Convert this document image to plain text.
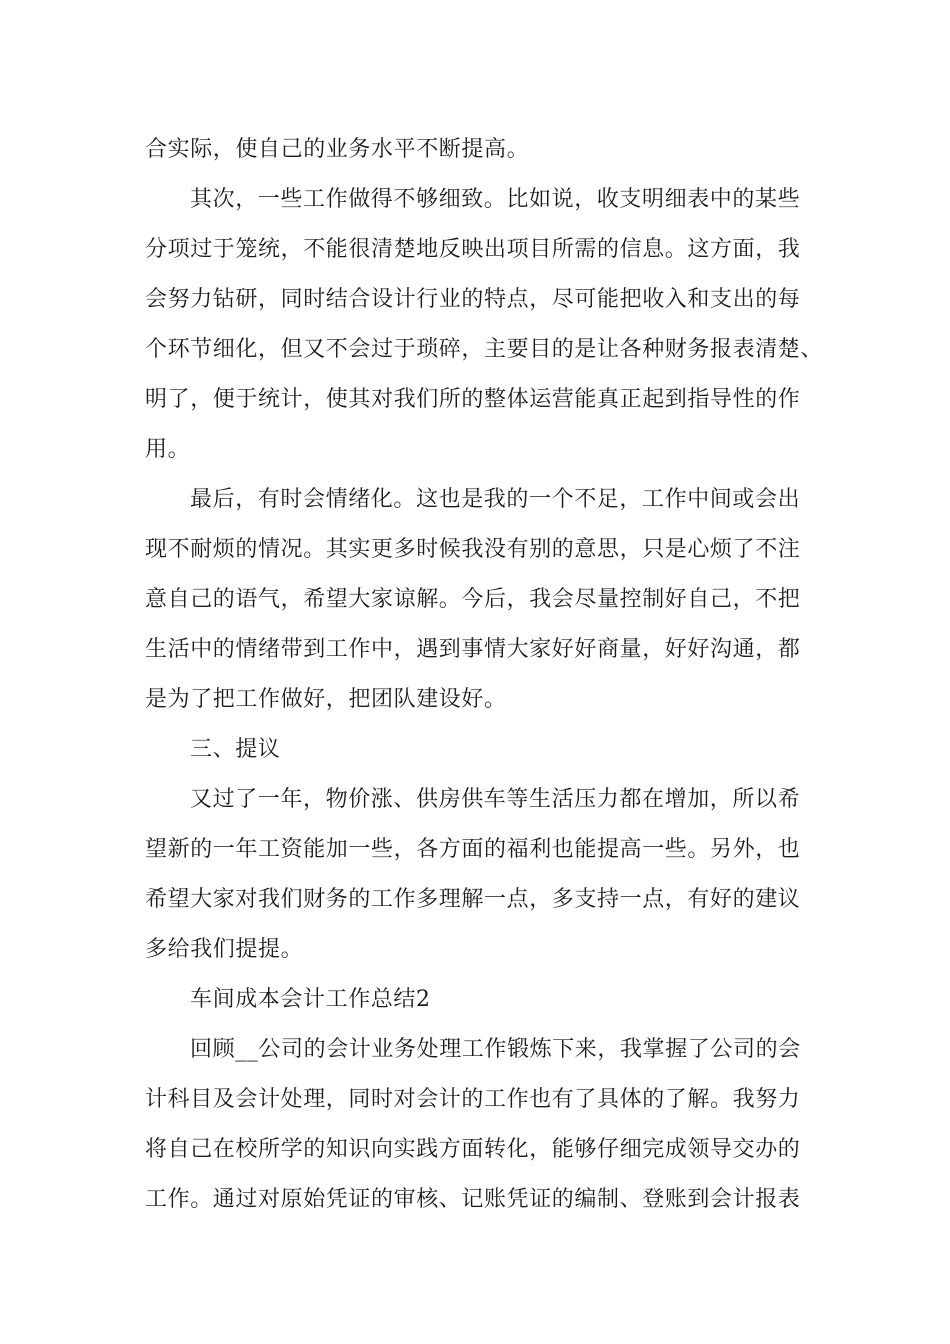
合实际，使自己的业务水平不断提高。
其次，一些工作做得不够细致。比如说，收支明细表中的某些
分项过于笼统，不能很清楚地反映出项目所需的信息。这方面，我
会努力钻研，同时结合设计行业的特点，尽可能把收入和支出的每
个环节细化，但又不会过于琐碎，主要目的是让各种财务报表清楚、
明了，便于统计，使其对我们所的整体运营能真正起到指导性的作
用。
最后，有时会情绪化。这也是我的一个不足，工作中间或会出
现不耐烦的情况。其实更多时候我没有别的意思，只是心烦了不注
意自己的语气，希望大家谅解。今后，我会尽量控制好自己，不把
生活中的情绪带到工作中，遇到事情大家好好商量，好好沟通，都
是为了把工作做好，把团队建设好。
三、提议
又过了一年，物价涨、供房供车等生活压力都在增加，所以希
望新的一年工资能加一些，各方面的福利也能提高一些。另外，也
希望大家对我们财务的工作多理解一点，多支持一点，有好的建议
多给我们提提。
车间成本会计工作总结2
回顾__公司的会计业务处理工作锻炼下来，我掌握了公司的会
计科目及会计处理，同时对会计的工作也有了具体的了解。我努力
将自己在校所学的知识向实践方面转化，能够仔细完成领导交办的
工作。通过对原始凭证的审核、记账凭证的编制、登账到会计报表
